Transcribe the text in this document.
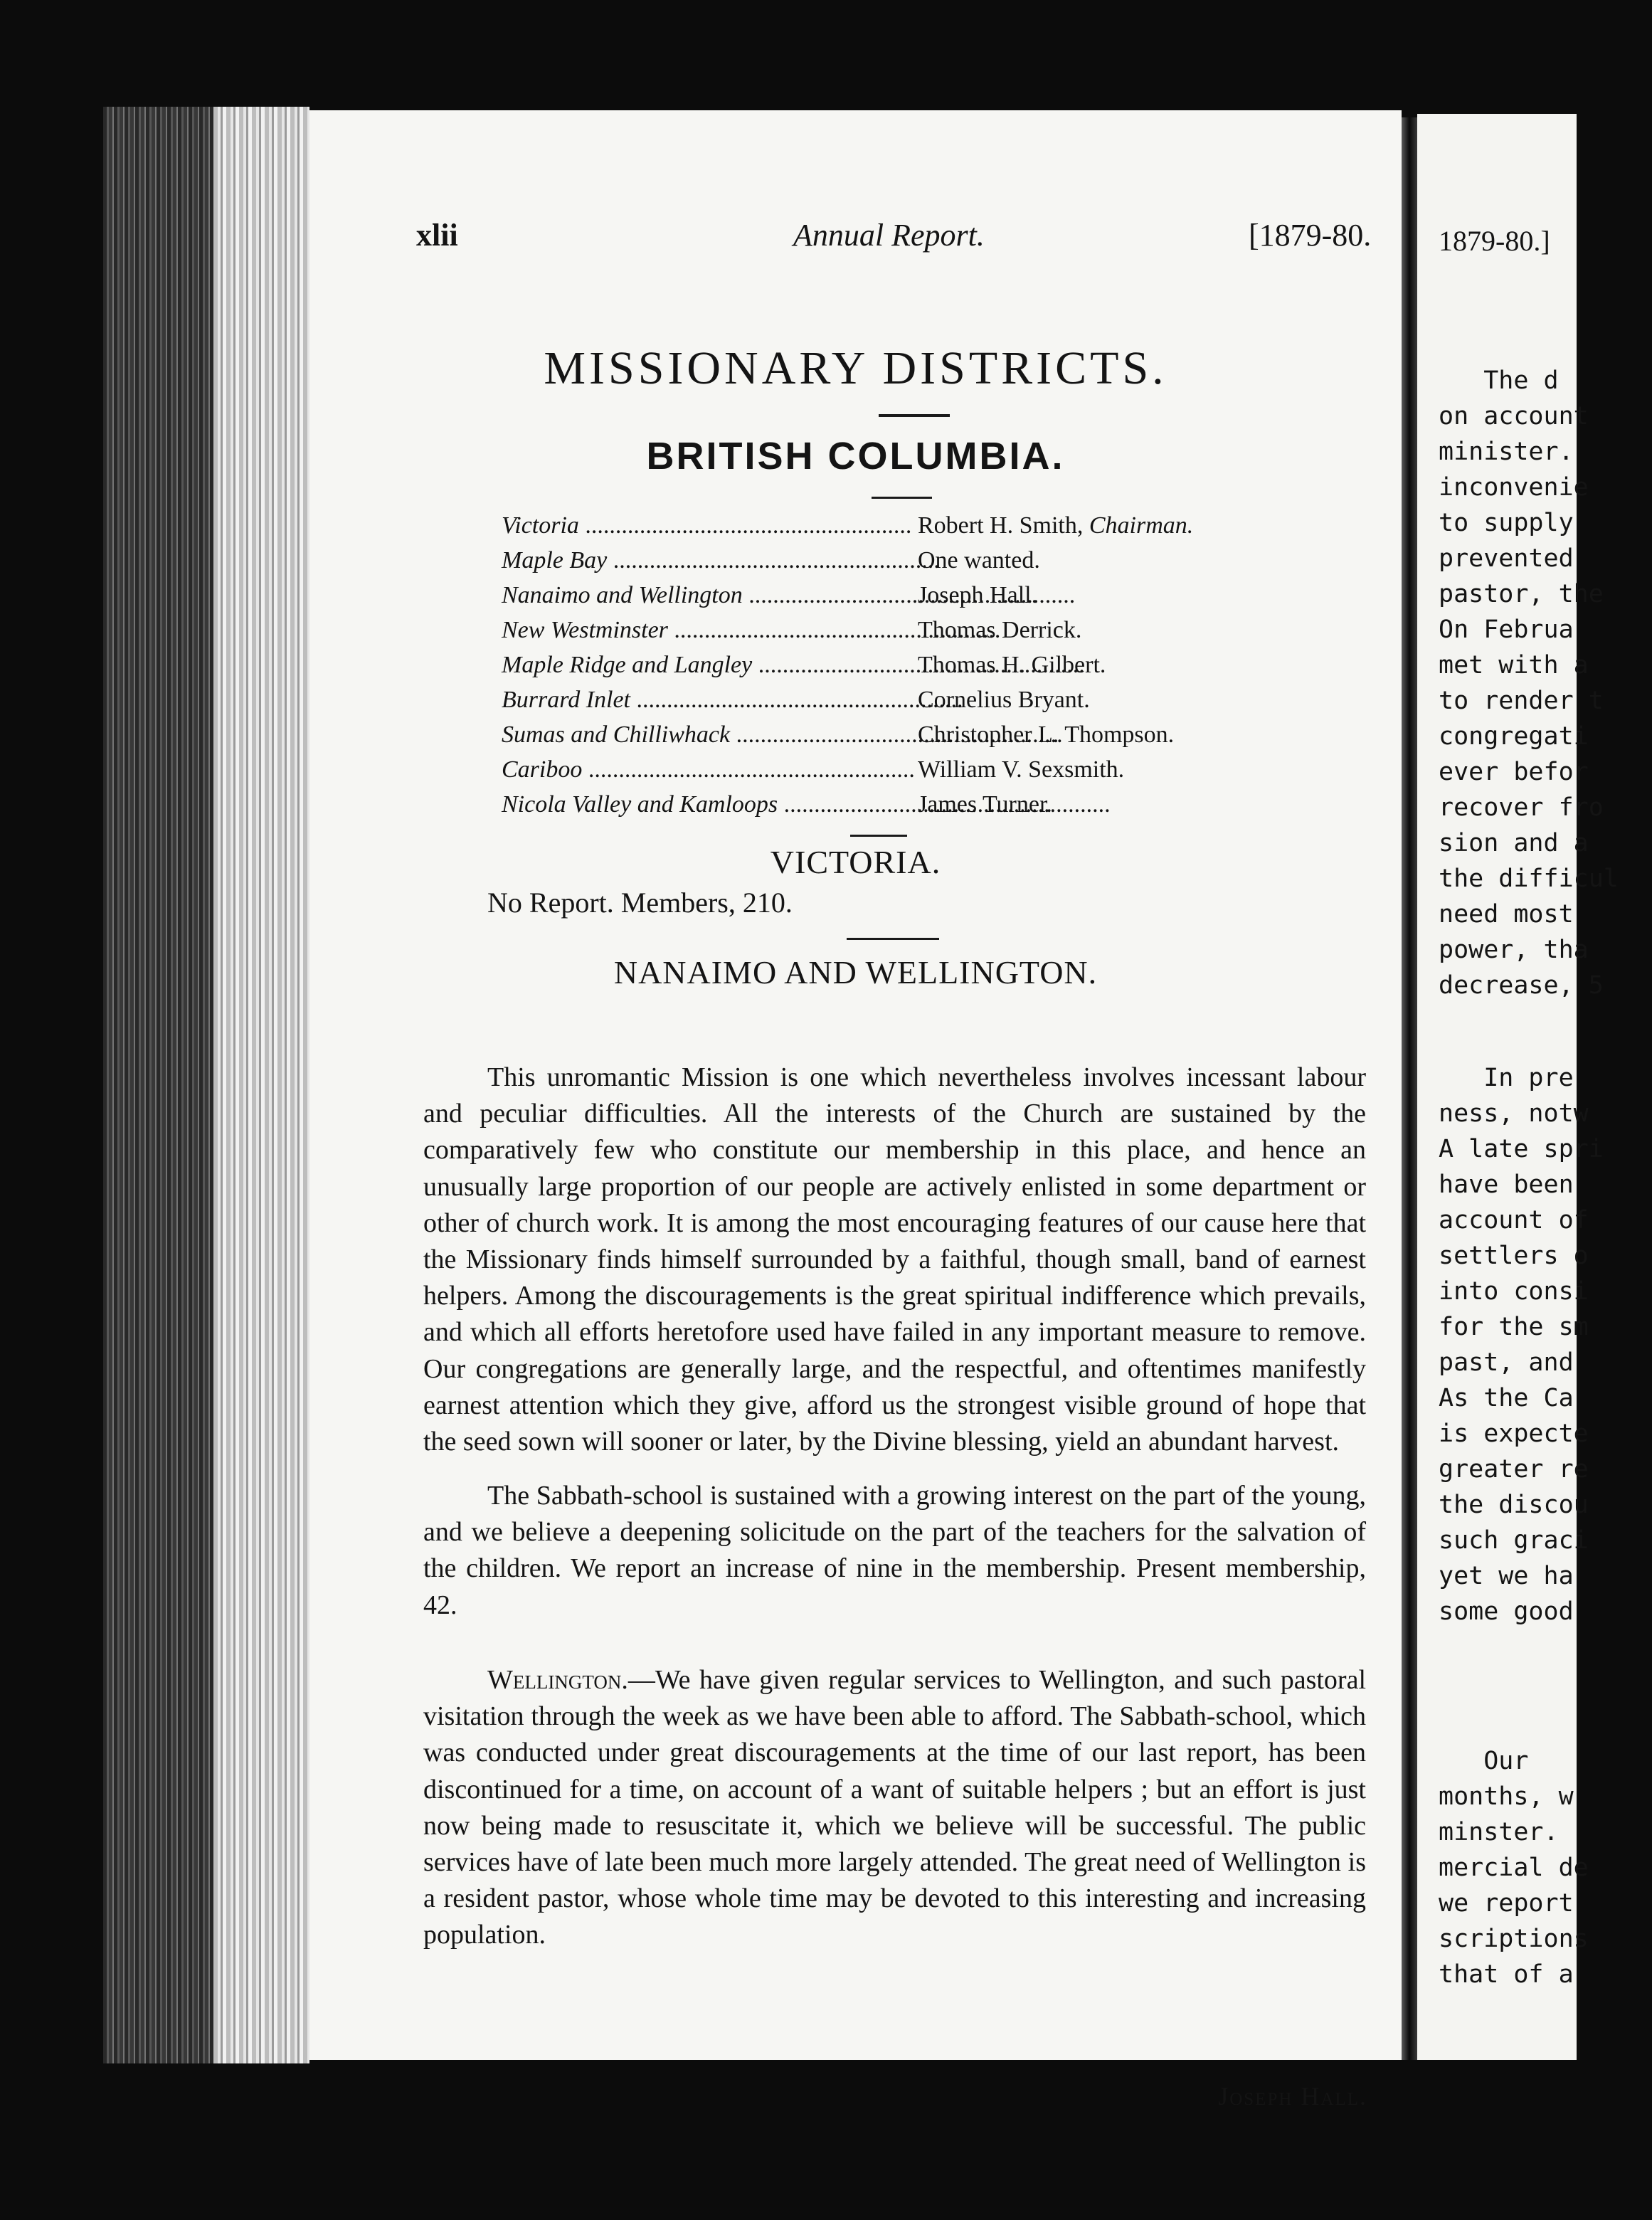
xlii	Annual Report.	[1879-80.
MISSIONARY DISTRICTS.
BRITISH COLUMBIA.
Victoria .....	Robert H. Smith, Chairman.
Maple Bay .....	One wanted.
Nanaimo and Wellington .....	Joseph Hall.
New Westminster .....	Thomas Derrick.
Maple Ridge and Langley .....	Thomas H. Gilbert.
Burrard Inlet .....	Cornelius Bryant.
Sumas and Chilliwhack .....	Christopher L. Thompson.
Cariboo .....	William V. Sexsmith.
Nicola Valley and Kamloops .....	James Turner.
VICTORIA.
No Report. Members, 210.
NANAIMO AND WELLINGTON.

This unromantic Mission is one which nevertheless involves incessant labour and peculiar difficulties. All the interests of the Church are sustained by the comparatively few who constitute our membership in this place, and hence an unusually large proportion of our people are actively enlisted in some department or other of church work. It is among the most encouraging features of our cause here that the Missionary finds himself surrounded by a faithful, though small, band of earnest helpers. Among the discouragements is the great spiritual indifference which prevails, and which all efforts heretofore used have failed in any important measure to remove. Our congregations are generally large, and the respectful, and oftentimes manifestly earnest attention which they give, afford us the strongest visible ground of hope that the seed sown will sooner or later, by the Divine blessing, yield an abundant harvest.

The Sabbath-school is sustained with a growing interest on the part of the young, and we believe a deepening solicitude on the part of the teachers for the salvation of the children. We report an increase of nine in the membership. Present membership, 42.

Wellington.—We have given regular services to Wellington, and such pastoral visitation through the week as we have been able to afford. The Sabbath-school, which was conducted under great discouragements at the time of our last report, has been discontinued for a time, on account of a want of suitable helpers ; but an effort is just now being made to resuscitate it, which we believe will be successful. The public services have of late been much more largely attended. The great need of Wellington is a resident pastor, whose whole time may be devoted to this interesting and increasing population.

Joseph Hall.
1879-80.]
The d
on account
minister.
inconvenie
to supply
prevented
pastor, the
On Februa
met with a
to render t
congregati
ever befor
recover fro
sion and a
the difficul
need most
power, tha
decrease, 5
In pre
ness, notw
A late spri
have been
account of
settlers o
into consi
for the sm
past, and
As the Ca
is expecte
greater re
the discou
such graci
yet we ha
some good
Our
months, w
minster.
mercial de
we report
scriptions
that of a
